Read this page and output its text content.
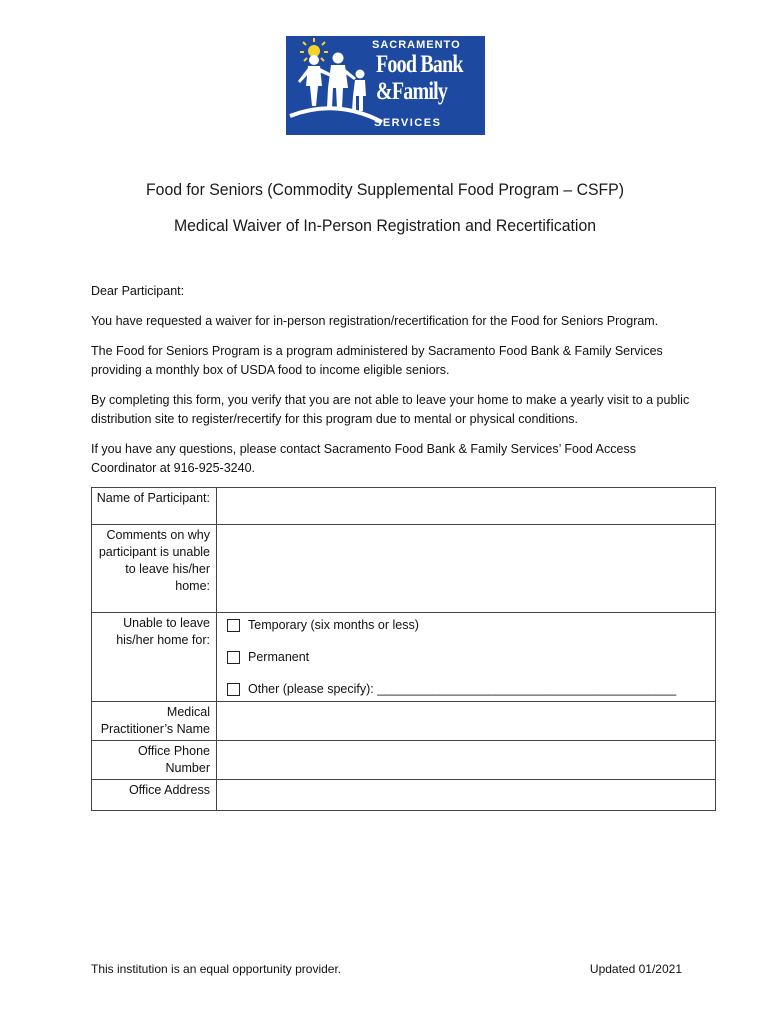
SACRAMENTO
Food Bank
&Family
SERVICES
Food for Seniors (Commodity Supplemental Food Program – CSFP)
Medical Waiver of In-Person Registration and Recertification
Dear Participant:
You have requested a waiver for in-person registration/recertification for the Food for Seniors Program.
The Food for Seniors Program is a program administered by Sacramento Food Bank & Family Services providing a monthly box of USDA food to income eligible seniors.
By completing this form, you verify that you are not able to leave your home to make a yearly visit to a public distribution site to register/recertify for this program due to mental or physical conditions.
If you have any questions, please contact Sacramento Food Bank & Family Services’ Food Access Coordinator at 916-925-3240.
Name of Participant:	
Comments on why participant is unable to leave his/her home:	
Unable to leave his/her home for:	Temporary (six months or less)
Permanent
Other (please specify): ___________________________________________

Medical Practitioner’s Name	
Office Phone Number	
Office Address	
This institution is an equal opportunity provider.	Updated 01/2021
